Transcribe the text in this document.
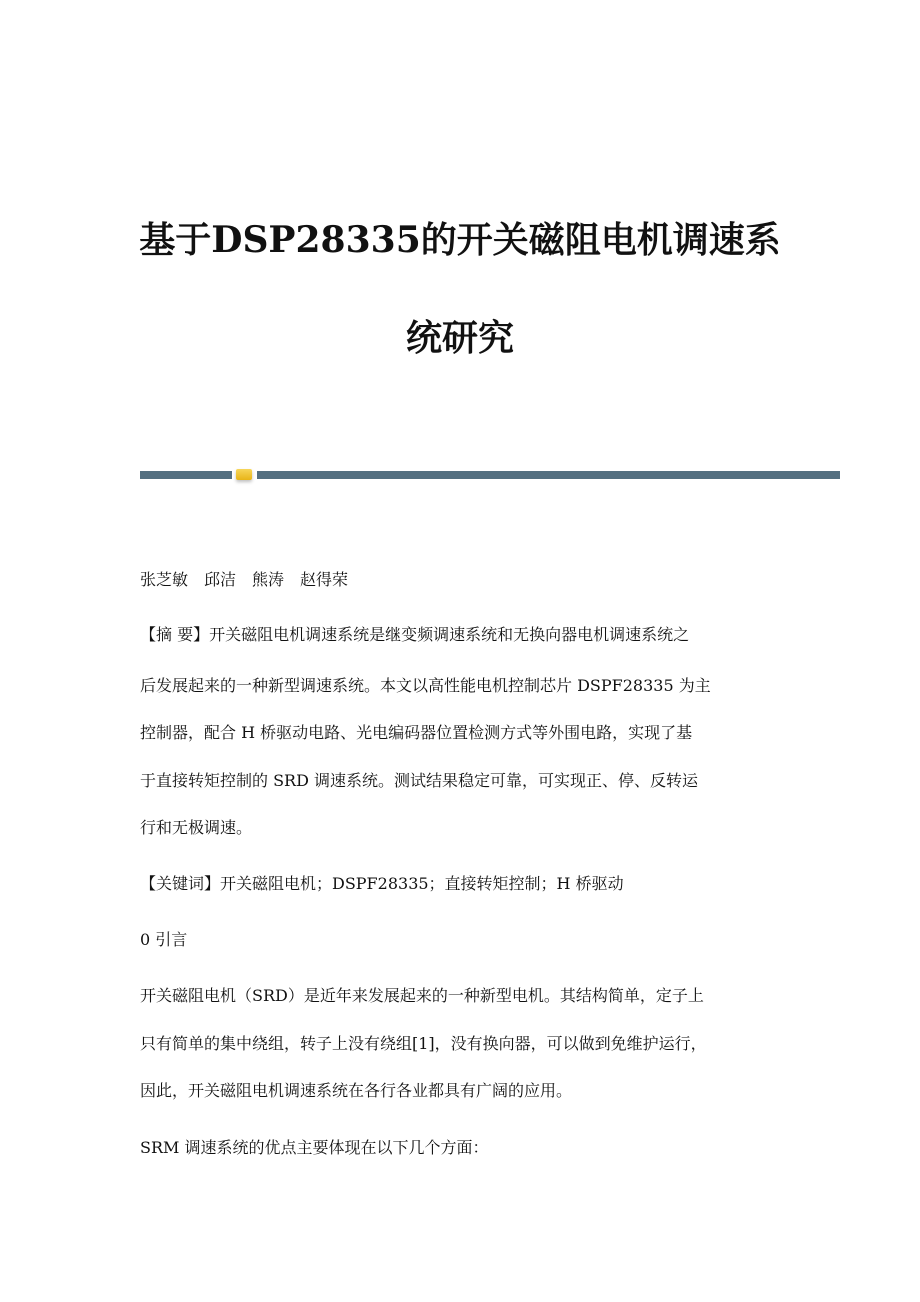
基于DSP28335的开关磁阻电机调速系
统研究
张芝敏　邱洁　熊涛　赵得荣
【摘 要】开关磁阻电机调速系统是继变频调速系统和无换向器电机调速系统之
后发展起来的一种新型调速系统。本文以高性能电机控制芯片 DSPF28335 为主
控制器，配合 H 桥驱动电路、光电编码器位置检测方式等外围电路，实现了基
于直接转矩控制的 SRD 调速系统。测试结果稳定可靠，可实现正、停、反转运
行和无极调速。
【关键词】开关磁阻电机；DSPF28335；直接转矩控制；H 桥驱动
0 引言
开关磁阻电机（SRD）是近年来发展起来的一种新型电机。其结构简单，定子上
只有简单的集中绕组，转子上没有绕组[1]，没有换向器，可以做到免维护运行，
因此，开关磁阻电机调速系统在各行各业都具有广阔的应用。
SRM 调速系统的优点主要体现在以下几个方面：
